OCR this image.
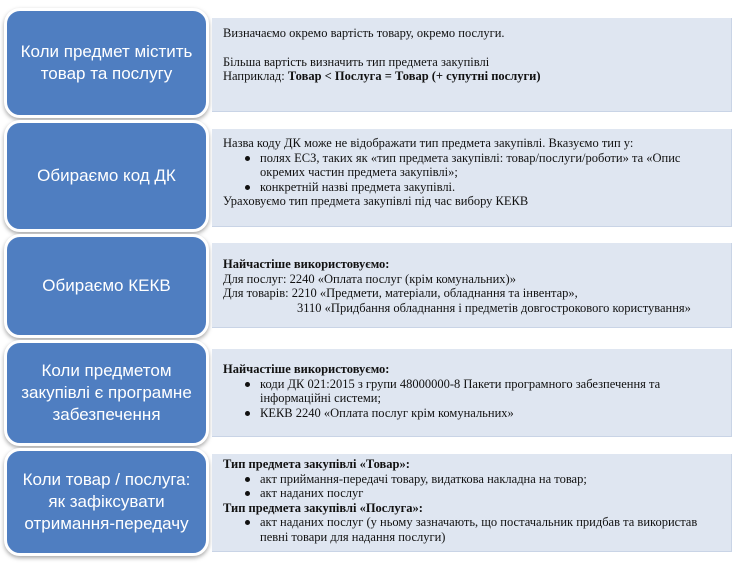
Коли предмет містить
товар та послугу

Визначаємо окремо вартість товару, окремо послуги.

Більша вартість визначить тип предмета закупівлі

Наприклад: Товар < Послуга = Товар (+ супутні послуги)

Обираємо код ДК

Назва коду ДК може не відображати тип предмета закупівлі. Вказуємо тип у:

полях ЕСЗ, таких як «тип предмета закупівлі: товар/послуги/роботи» та «Опис окремих частин предмета закупівлі»;
конкретній назві предмета закупівлі.

Ураховуємо тип предмета закупівлі під час вибору КЕКВ

Обираємо КЕКВ

Найчастіше використовуємо:

Для послуг: 2240 «Оплата послуг (крім комунальних)»

Для товарів: 2210 «Предмети, матеріали, обладнання та інвентар»,

3110 «Придбання обладнання і предметів довгострокового користування»

Коли предметом
закупівлі є програмне
забезпечення

Найчастіше використовуємо:

коди ДК 021:2015 з групи 48000000-8 Пакети програмного забезпечення та інформаційні системи;
КЕКВ 2240 «Оплата послуг крім комунальних»
Коли товар / послуга:
як зафіксувати
отримання-передачу

Тип предмета закупівлі «Товар»:

акт приймання-передачі товару, видаткова накладна на товар;
акт наданих послуг

Тип предмета закупівлі «Послуга»:

акт наданих послуг (у ньому зазначають, що постачальник придбав та використав певні товари для надання послуги)
